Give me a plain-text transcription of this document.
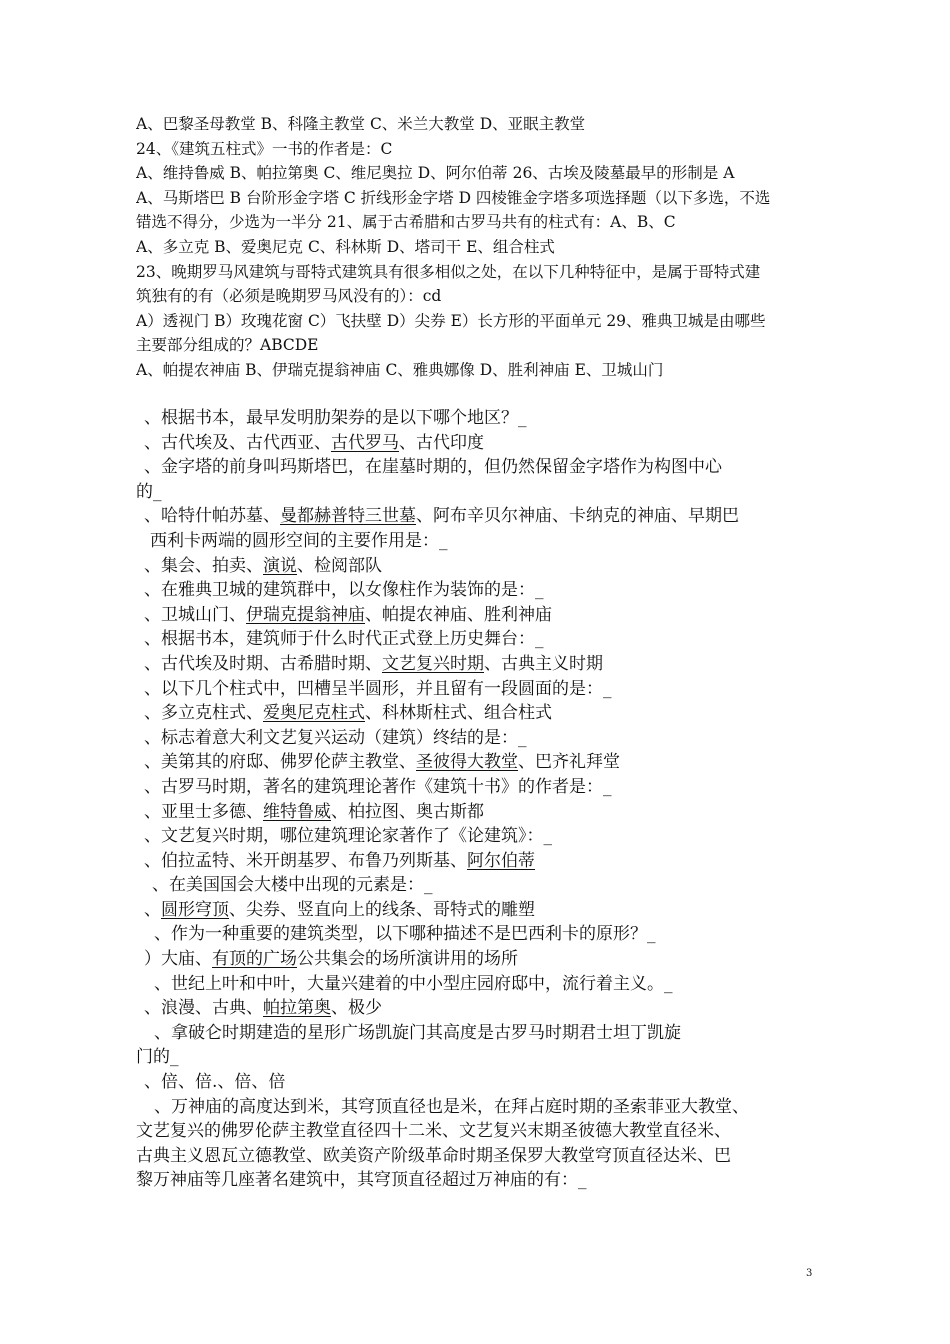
A、巴黎圣母教堂 B、科隆主教堂 C、米兰大教堂 D、亚眠主教堂
24、《建筑五柱式》一书的作者是：C
A、维持鲁威 B、帕拉第奥 C、维尼奥拉 D、阿尔伯蒂 26、古埃及陵墓最早的形制是 A
A、马斯塔巴 B 台阶形金字塔 C 折线形金字塔 D 四棱锥金字塔多项选择题（以下多选，不选
错选不得分，少选为一半分 21、属于古希腊和古罗马共有的柱式有：A、B、C
A、多立克 B、爱奥尼克 C、科林斯 D、塔司干 E、组合柱式
23、晚期罗马风建筑与哥特式建筑具有很多相似之处，在以下几种特征中，是属于哥特式建
筑独有的有（必须是晚期罗马风没有的）：cd
A）透视门 B）玫瑰花窗 C）飞扶壁 D）尖券 E）长方形的平面单元 29、雅典卫城是由哪些
主要部分组成的？ABCDE
A、帕提农神庙 B、伊瑞克提翁神庙 C、雅典娜像 D、胜利神庙 E、卫城山门
、根据书本，最早发明肋架券的是以下哪个地区？_
、古代埃及、古代西亚、古代罗马、古代印度
、金字塔的前身叫玛斯塔巴，在崖墓时期的，但仍然保留金字塔作为构图中心
的_
、哈特什帕苏墓、曼都赫普特三世墓、阿布辛贝尔神庙、卡纳克的神庙、早期巴
西利卡两端的圆形空间的主要作用是：_
、集会、拍卖、演说、检阅部队
、在雅典卫城的建筑群中，以女像柱作为装饰的是：_
、卫城山门、伊瑞克提翁神庙、帕提农神庙、胜利神庙
、根据书本，建筑师于什么时代正式登上历史舞台：_
、古代埃及时期、古希腊时期、文艺复兴时期、古典主义时期
、以下几个柱式中，凹槽呈半圆形，并且留有一段圆面的是：_
、多立克柱式、爱奥尼克柱式、科林斯柱式、组合柱式
、标志着意大利文艺复兴运动（建筑）终结的是：_
、美第其的府邸、佛罗伦萨主教堂、圣彼得大教堂、巴齐礼拜堂
、古罗马时期，著名的建筑理论著作《建筑十书》的作者是：_
、亚里士多德、维特鲁威、柏拉图、奥古斯都
、文艺复兴时期，哪位建筑理论家著作了《论建筑》：_
、伯拉孟特、米开朗基罗、布鲁乃列斯基、阿尔伯蒂
、在美国国会大楼中出现的元素是：_
、圆形穹顶、尖券、竖直向上的线条、哥特式的雕塑
、作为一种重要的建筑类型，以下哪种描述不是巴西利卡的原形？_
）大庙、有顶的广场公共集会的场所演讲用的场所
、世纪上叶和中叶，大量兴建着的中小型庄园府邸中，流行着主义。_
、浪漫、古典、帕拉第奥、极少
、拿破仑时期建造的星形广场凯旋门其高度是古罗马时期君士坦丁凯旋
门的_
、倍、倍.、倍、倍
、万神庙的高度达到米，其穹顶直径也是米，在拜占庭时期的圣索菲亚大教堂、
文艺复兴的佛罗伦萨主教堂直径四十二米、文艺复兴末期圣彼德大教堂直径米、
古典主义恩瓦立德教堂、欧美资产阶级革命时期圣保罗大教堂穹顶直径达米、巴
黎万神庙等几座著名建筑中，其穹顶直径超过万神庙的有：_
3
